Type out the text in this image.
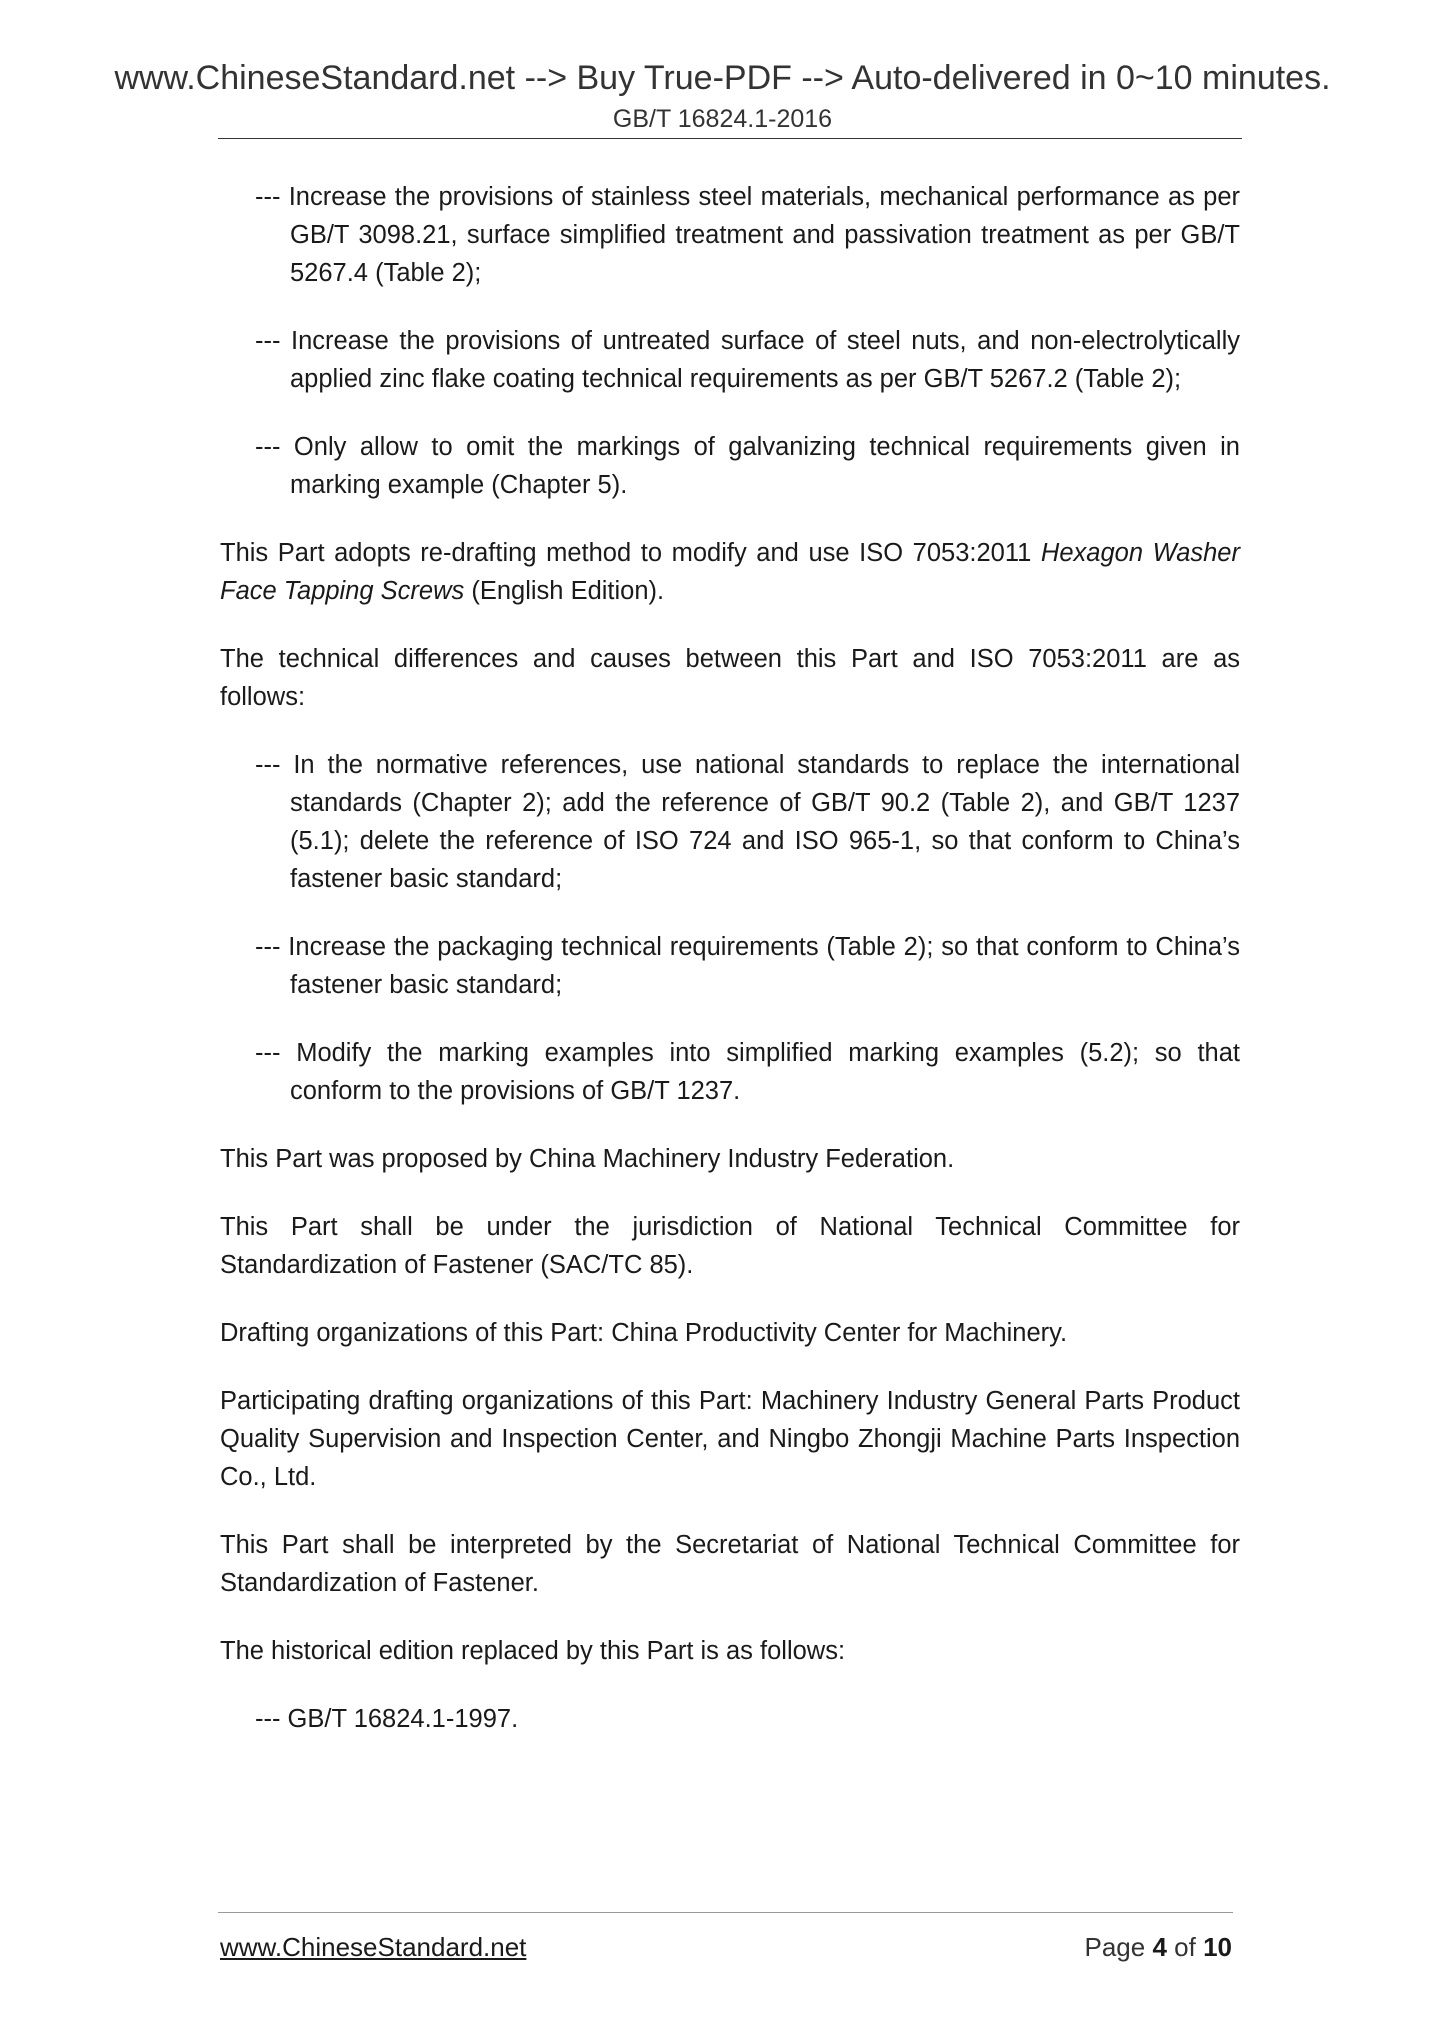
www.ChineseStandard.net --> Buy True-PDF --> Auto-delivered in 0~10 minutes.
GB/T 16824.1-2016

--- Increase the provisions of stainless steel materials, mechanical performance as per GB/T 3098.21, surface simplified treatment and passivation treatment as per GB/T 5267.4 (Table 2);

--- Increase the provisions of untreated surface of steel nuts, and non-electrolytically applied zinc flake coating technical requirements as per GB/T 5267.2 (Table 2);

--- Only allow to omit the markings of galvanizing technical requirements given in marking example (Chapter 5).

This Part adopts re-drafting method to modify and use ISO 7053:2011 Hexagon Washer Face Tapping Screws (English Edition).

The technical differences and causes between this Part and ISO 7053:2011 are as follows:

--- In the normative references, use national standards to replace the international standards (Chapter 2); add the reference of GB/T 90.2 (Table 2), and GB/T 1237 (5.1); delete the reference of ISO 724 and ISO 965-1, so that conform to China’s fastener basic standard;

--- Increase the packaging technical requirements (Table 2); so that conform to China’s fastener basic standard;

--- Modify the marking examples into simplified marking examples (5.2); so that conform to the provisions of GB/T 1237.

This Part was proposed by China Machinery Industry Federation.

This Part shall be under the jurisdiction of National Technical Committee for Standardization of Fastener (SAC/TC 85).

Drafting organizations of this Part: China Productivity Center for Machinery.

Participating drafting organizations of this Part: Machinery Industry General Parts Product Quality Supervision and Inspection Center, and Ningbo Zhongji Machine Parts Inspection Co., Ltd.

This Part shall be interpreted by the Secretariat of National Technical Committee for Standardization of Fastener.

The historical edition replaced by this Part is as follows:

--- GB/T 16824.1-1997.

www.ChineseStandard.net	Page 4 of 10
